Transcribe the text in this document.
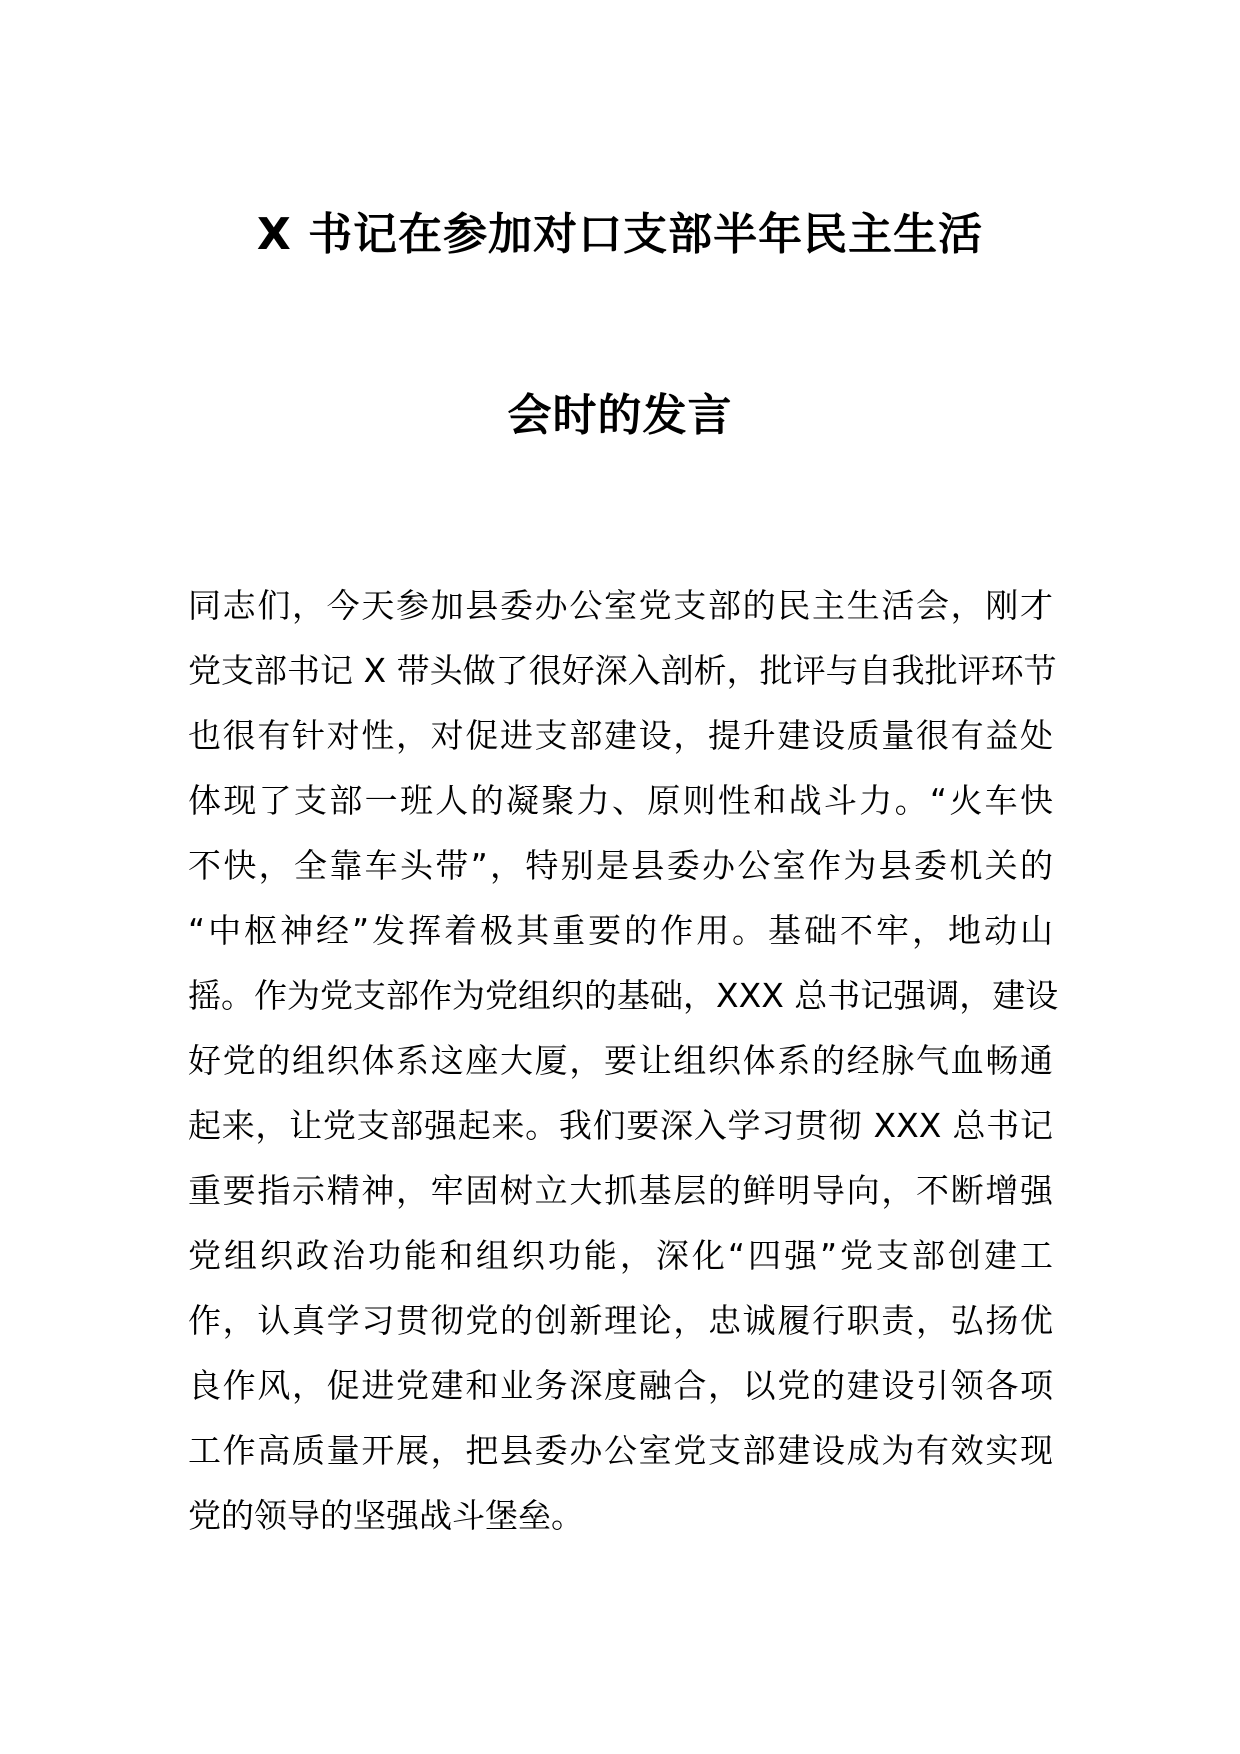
X 书记在参加对口支部半年民主生活
会时的发言
同志们，今天参加县委办公室党支部的民主生活会，刚才
党支部书记 X 带头做了很好深入剖析，批评与自我批评环节
也很有针对性，对促进支部建设，提升建设质量很有益处
体现了支部一班人的凝聚力、原则性和战斗力。“火车快
不快，全靠车头带”，特别是县委办公室作为县委机关的
“中枢神经”发挥着极其重要的作用。基础不牢，地动山
摇。作为党支部作为党组织的基础，XXX 总书记强调，建设
好党的组织体系这座大厦，要让组织体系的经脉气血畅通
起来，让党支部强起来。我们要深入学习贯彻 XXX 总书记
重要指示精神，牢固树立大抓基层的鲜明导向，不断增强
党组织政治功能和组织功能，深化“四强”党支部创建工
作，认真学习贯彻党的创新理论，忠诚履行职责，弘扬优
良作风，促进党建和业务深度融合，以党的建设引领各项
工作高质量开展，把县委办公室党支部建设成为有效实现
党的领导的坚强战斗堡垒。
